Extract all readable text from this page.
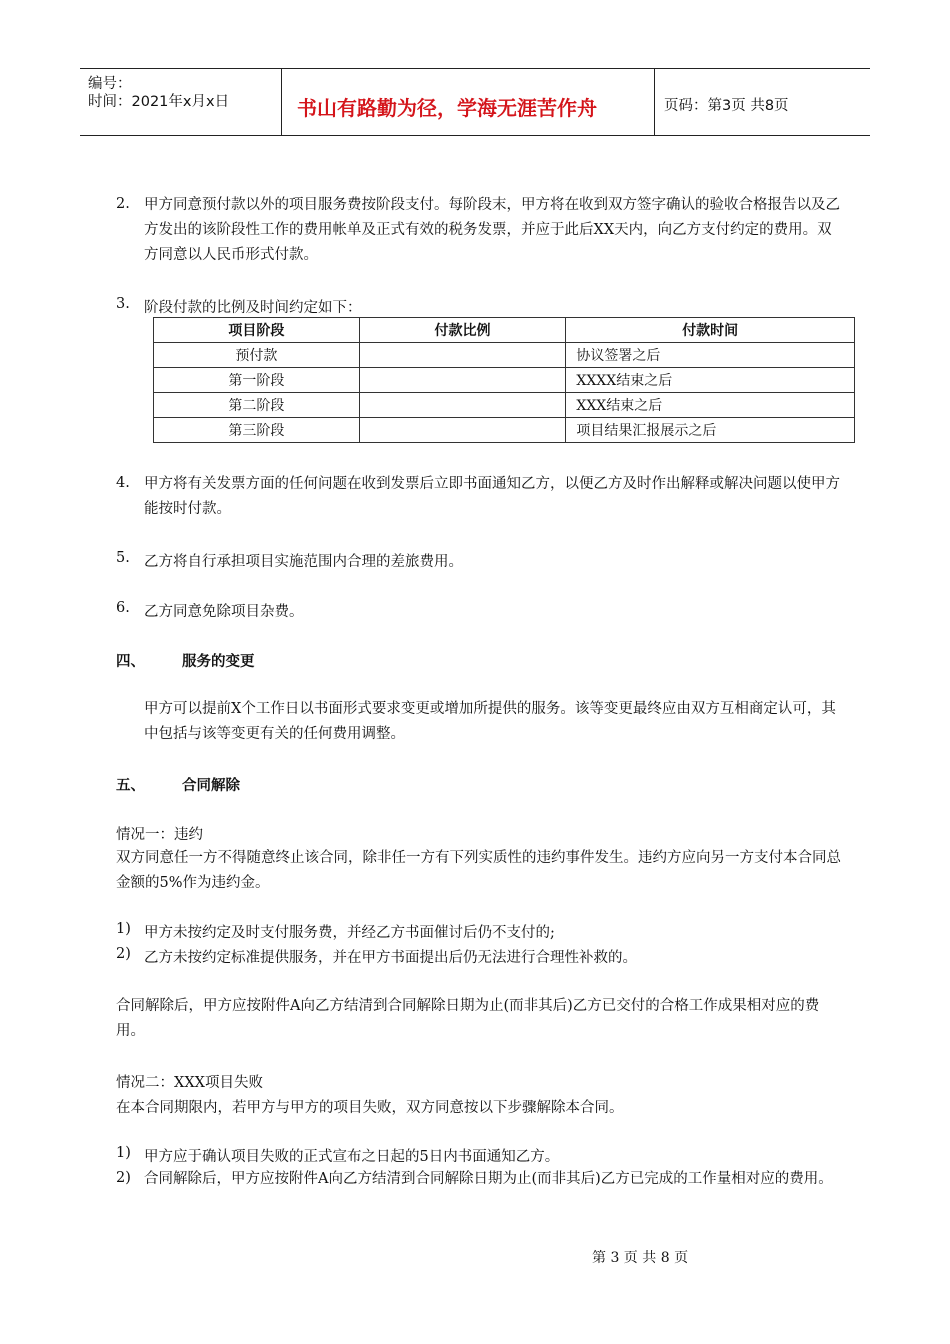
编号：
时间：2021年x月x日	书山有路勤为径，学海无涯苦作舟	页码：第3页 共8页
2. 甲方同意预付款以外的项目服务费按阶段支付。每阶段末，甲方将在收到双方签字确认的验收合格报告以及乙方发出的该阶段性工作的费用帐单及正式有效的税务发票，并应于此后XX天内，向乙方支付约定的费用。双方同意以人民币形式付款。
3. 阶段付款的比例及时间约定如下：
项目阶段	付款比例	付款时间
预付款		协议签署之后
第一阶段		XXXX结束之后
第二阶段		XXX结束之后
第三阶段		项目结果汇报展示之后
4. 甲方将有关发票方面的任何问题在收到发票后立即书面通知乙方，以便乙方及时作出解释或解决问题以使甲方能按时付款。
5. 乙方将自行承担项目实施范围内合理的差旅费用。
6. 乙方同意免除项目杂费。
四、	服务的变更
甲方可以提前X个工作日以书面形式要求变更或增加所提供的服务。该等变更最终应由双方互相商定认可，其中包括与该等变更有关的任何费用调整。
五、	合同解除
情况一：违约
双方同意任一方不得随意终止该合同，除非任一方有下列实质性的违约事件发生。违约方应向另一方支付本合同总金额的5%作为违约金。
1) 甲方未按约定及时支付服务费，并经乙方书面催讨后仍不支付的;
2) 乙方未按约定标准提供服务，并在甲方书面提出后仍无法进行合理性补救的。
合同解除后，甲方应按附件A向乙方结清到合同解除日期为止(而非其后)乙方已交付的合格工作成果相对应的费用。
情况二：XXX项目失败
在本合同期限内，若甲方与甲方的项目失败，双方同意按以下步骤解除本合同。
1) 甲方应于确认项目失败的正式宣布之日起的5日内书面通知乙方。
2) 合同解除后，甲方应按附件A向乙方结清到合同解除日期为止(而非其后)乙方已完成的工作量相对应的费用。
第 3 页 共 8 页
